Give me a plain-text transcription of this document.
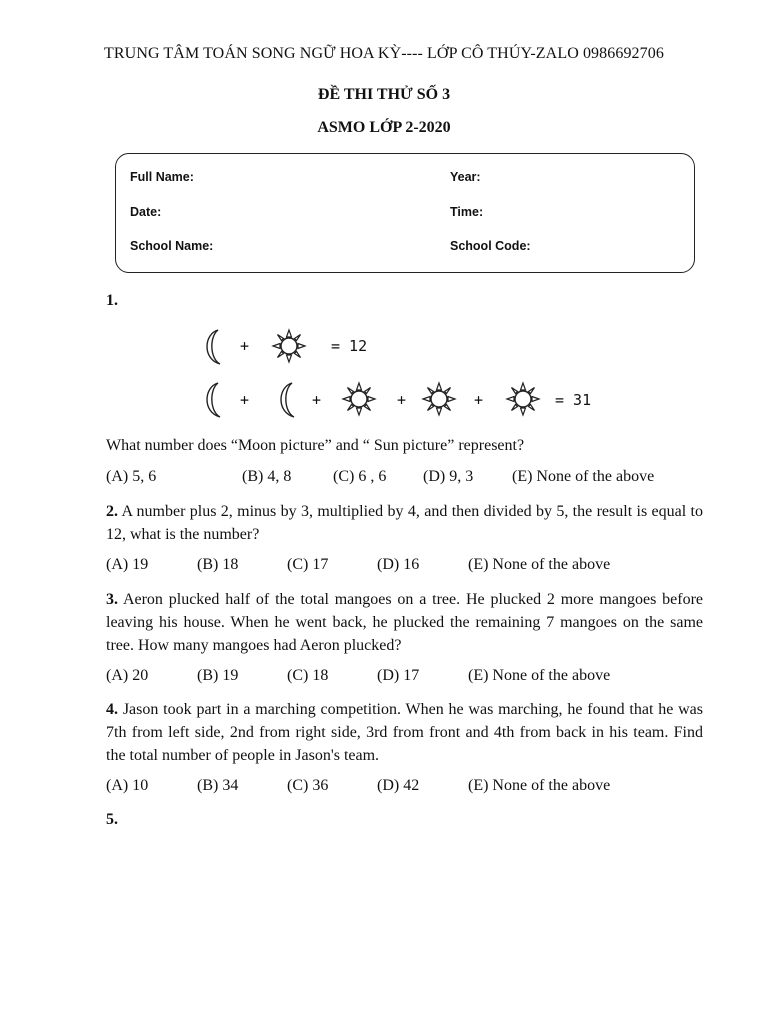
TRUNG TÂM TOÁN SONG NGỮ HOA KỲ---- LỚP CÔ THÚY-ZALO 0986692706
ĐỀ THI THỬ SỐ 3
ASMO LỚP 2-2020
Full Name:	Year:
Date:	Time:
School Name:	School Code:
1.
+	= 12
+	+	+	+	= 31
What number does “Moon picture” and “ Sun picture” represent?
(A) 5, 6	(B) 4, 8	(C) 6 , 6 (D) 9, 3 (E) None of the above
2. A number plus 2, minus by 3, multiplied by 4, and then divided by 5, the result is equal to 12, what is the number?
(A) 19	(B) 18	(C) 17	(D) 16	(E) None of the above
3. Aeron plucked half of the total mangoes on a tree. He plucked 2 more mangoes before leaving his house. When he went back, he plucked the remaining 7 mangoes on the same tree. How many mangoes had Aeron plucked?
(A) 20	(B) 19	(C) 18	(D) 17	(E) None of the above
4. Jason took part in a marching competition. When he was marching, he found that he was 7th from left side, 2nd from right side, 3rd from front and 4th from back in his team. Find the total number of people in Jason's team.
(A) 10	(B) 34	(C) 36	(D) 42	(E) None of the above
5.
